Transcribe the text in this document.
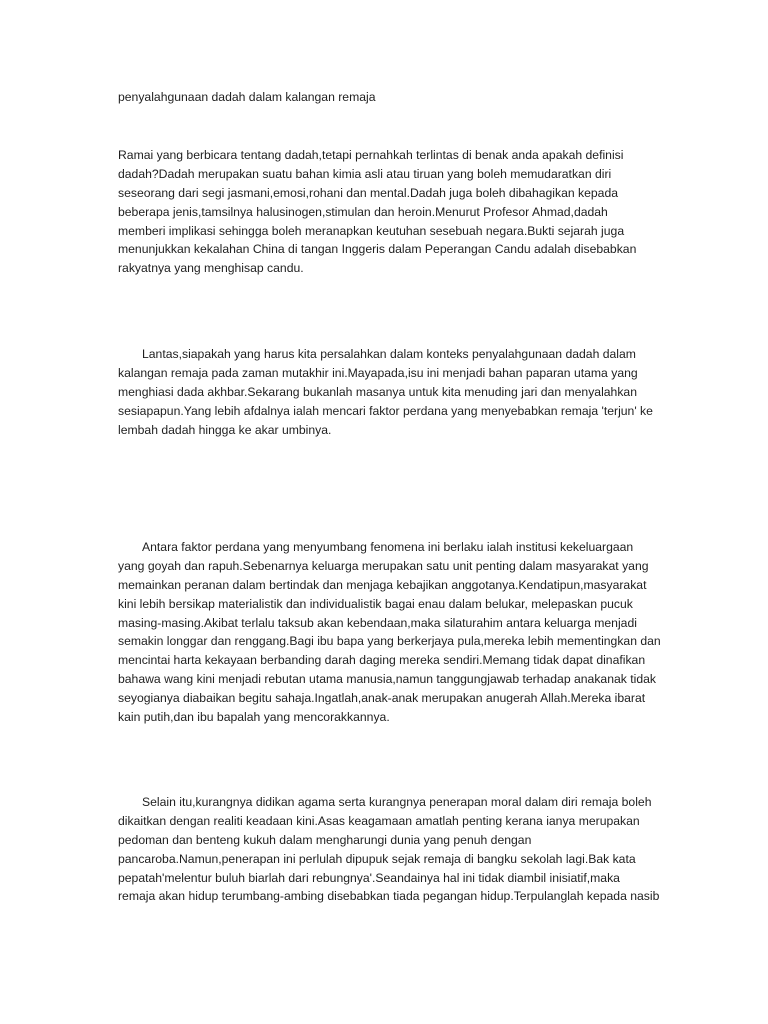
penyalahgunaan dadah dalam kalangan remaja
Ramai yang berbicara tentang dadah,tetapi pernahkah terlintas di benak anda apakah definisi
dadah?Dadah merupakan suatu bahan kimia asli atau tiruan yang boleh memudaratkan diri
seseorang dari segi jasmani,emosi,rohani dan mental.Dadah juga boleh dibahagikan kepada
beberapa jenis,tamsilnya halusinogen,stimulan dan heroin.Menurut Profesor Ahmad,dadah
memberi implikasi sehingga boleh meranapkan keutuhan sesebuah negara.Bukti sejarah juga
menunjukkan kekalahan China di tangan Inggeris dalam Peperangan Candu adalah disebabkan
rakyatnya yang menghisap candu.
Lantas,siapakah yang harus kita persalahkan dalam konteks penyalahgunaan dadah dalam
kalangan remaja pada zaman mutakhir ini.Mayapada,isu ini menjadi bahan paparan utama yang
menghiasi dada akhbar.Sekarang bukanlah masanya untuk kita menuding jari dan menyalahkan
sesiapapun.Yang lebih afdalnya ialah mencari faktor perdana yang menyebabkan remaja 'terjun' ke
lembah dadah hingga ke akar umbinya.
Antara faktor perdana yang menyumbang fenomena ini berlaku ialah institusi kekeluargaan
yang goyah dan rapuh.Sebenarnya keluarga merupakan satu unit penting dalam masyarakat yang
memainkan peranan dalam bertindak dan menjaga kebajikan anggotanya.Kendatipun,masyarakat
kini lebih bersikap materialistik dan individualistik bagai enau dalam belukar, melepaskan pucuk
masing-masing.Akibat terlalu taksub akan kebendaan,maka silaturahim antara keluarga menjadi
semakin longgar dan renggang.Bagi ibu bapa yang berkerjaya pula,mereka lebih mementingkan dan
mencintai harta kekayaan berbanding darah daging mereka sendiri.Memang tidak dapat dinafikan
bahawa wang kini menjadi rebutan utama manusia,namun tanggungjawab terhadap anakanak tidak
seyogianya diabaikan begitu sahaja.Ingatlah,anak-anak merupakan anugerah Allah.Mereka ibarat
kain putih,dan ibu bapalah yang mencorakkannya.
Selain itu,kurangnya didikan agama serta kurangnya penerapan moral dalam diri remaja boleh
dikaitkan dengan realiti keadaan kini.Asas keagamaan amatlah penting kerana ianya merupakan
pedoman dan benteng kukuh dalam mengharungi dunia yang penuh dengan
pancaroba.Namun,penerapan ini perlulah dipupuk sejak remaja di bangku sekolah lagi.Bak kata
pepatah'melentur buluh biarlah dari rebungnya'.Seandainya hal ini tidak diambil inisiatif,maka
remaja akan hidup terumbang-ambing disebabkan tiada pegangan hidup.Terpulanglah kepada nasib
